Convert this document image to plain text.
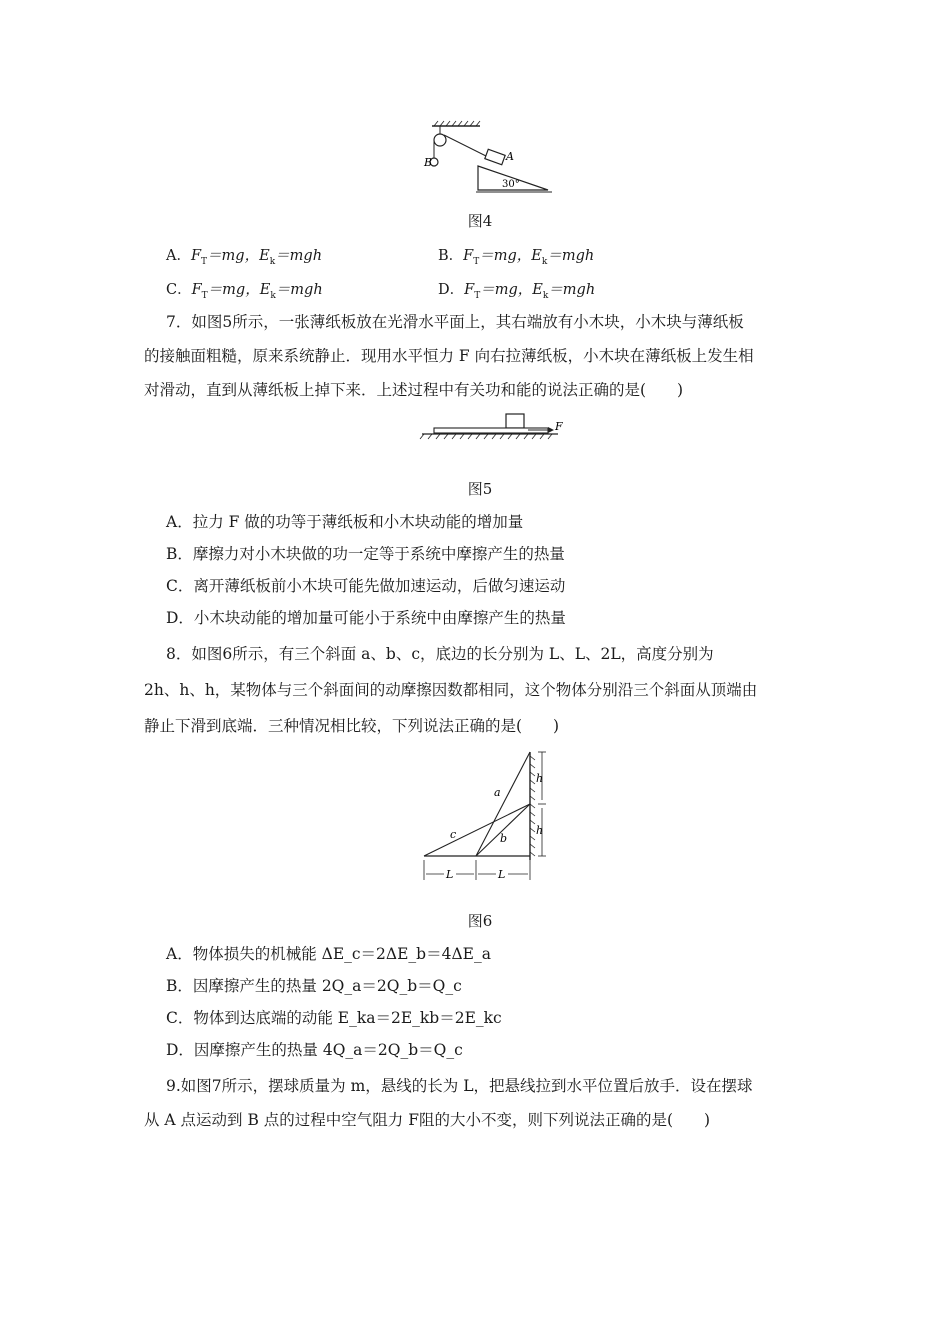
A
B
30°
图4
A．$F_T=mg$，$E_k=mgh$	B．$F_T=mg$，$E_k=mgh$
C．$F_T=mg$，$E_k=mgh$	D．$F_T=mg$，$E_k=mgh$
7．如图5所示，一张薄纸板放在光滑水平面上，其右端放有小木块，小木块与薄纸板
的接触面粗糙，原来系统静止．现用水平恒力 F 向右拉薄纸板，小木块在薄纸板上发生相
对滑动，直到从薄纸板上掉下来．上述过程中有关功和能的说法正确的是(　　)
F
图5
A．拉力 F 做的功等于薄纸板和小木块动能的增加量
B．摩擦力对小木块做的功一定等于系统中摩擦产生的热量
C．离开薄纸板前小木块可能先做加速运动，后做匀速运动
D．小木块动能的增加量可能小于系统中由摩擦产生的热量
8．如图6所示，有三个斜面 a、b、c，底边的长分别为 L、L、2L，高度分别为
2h、h、h，某物体与三个斜面间的动摩擦因数都相同，这个物体分别沿三个斜面从顶端由
静止下滑到底端．三种情况相比较，下列说法正确的是(　　)
a
b
c
h
h
L	L
图6
A．物体损失的机械能 ΔE_c＝2ΔE_b＝4ΔE_a
B．因摩擦产生的热量 2Q_a＝2Q_b＝Q_c
C．物体到达底端的动能 E_ka＝2E_kb＝2E_kc
D．因摩擦产生的热量 4Q_a＝2Q_b＝Q_c
9.如图7所示，摆球质量为 m，悬线的长为 L，把悬线拉到水平位置后放手．设在摆球
从 A 点运动到 B 点的过程中空气阻力 F阻的大小不变，则下列说法正确的是(　　)
